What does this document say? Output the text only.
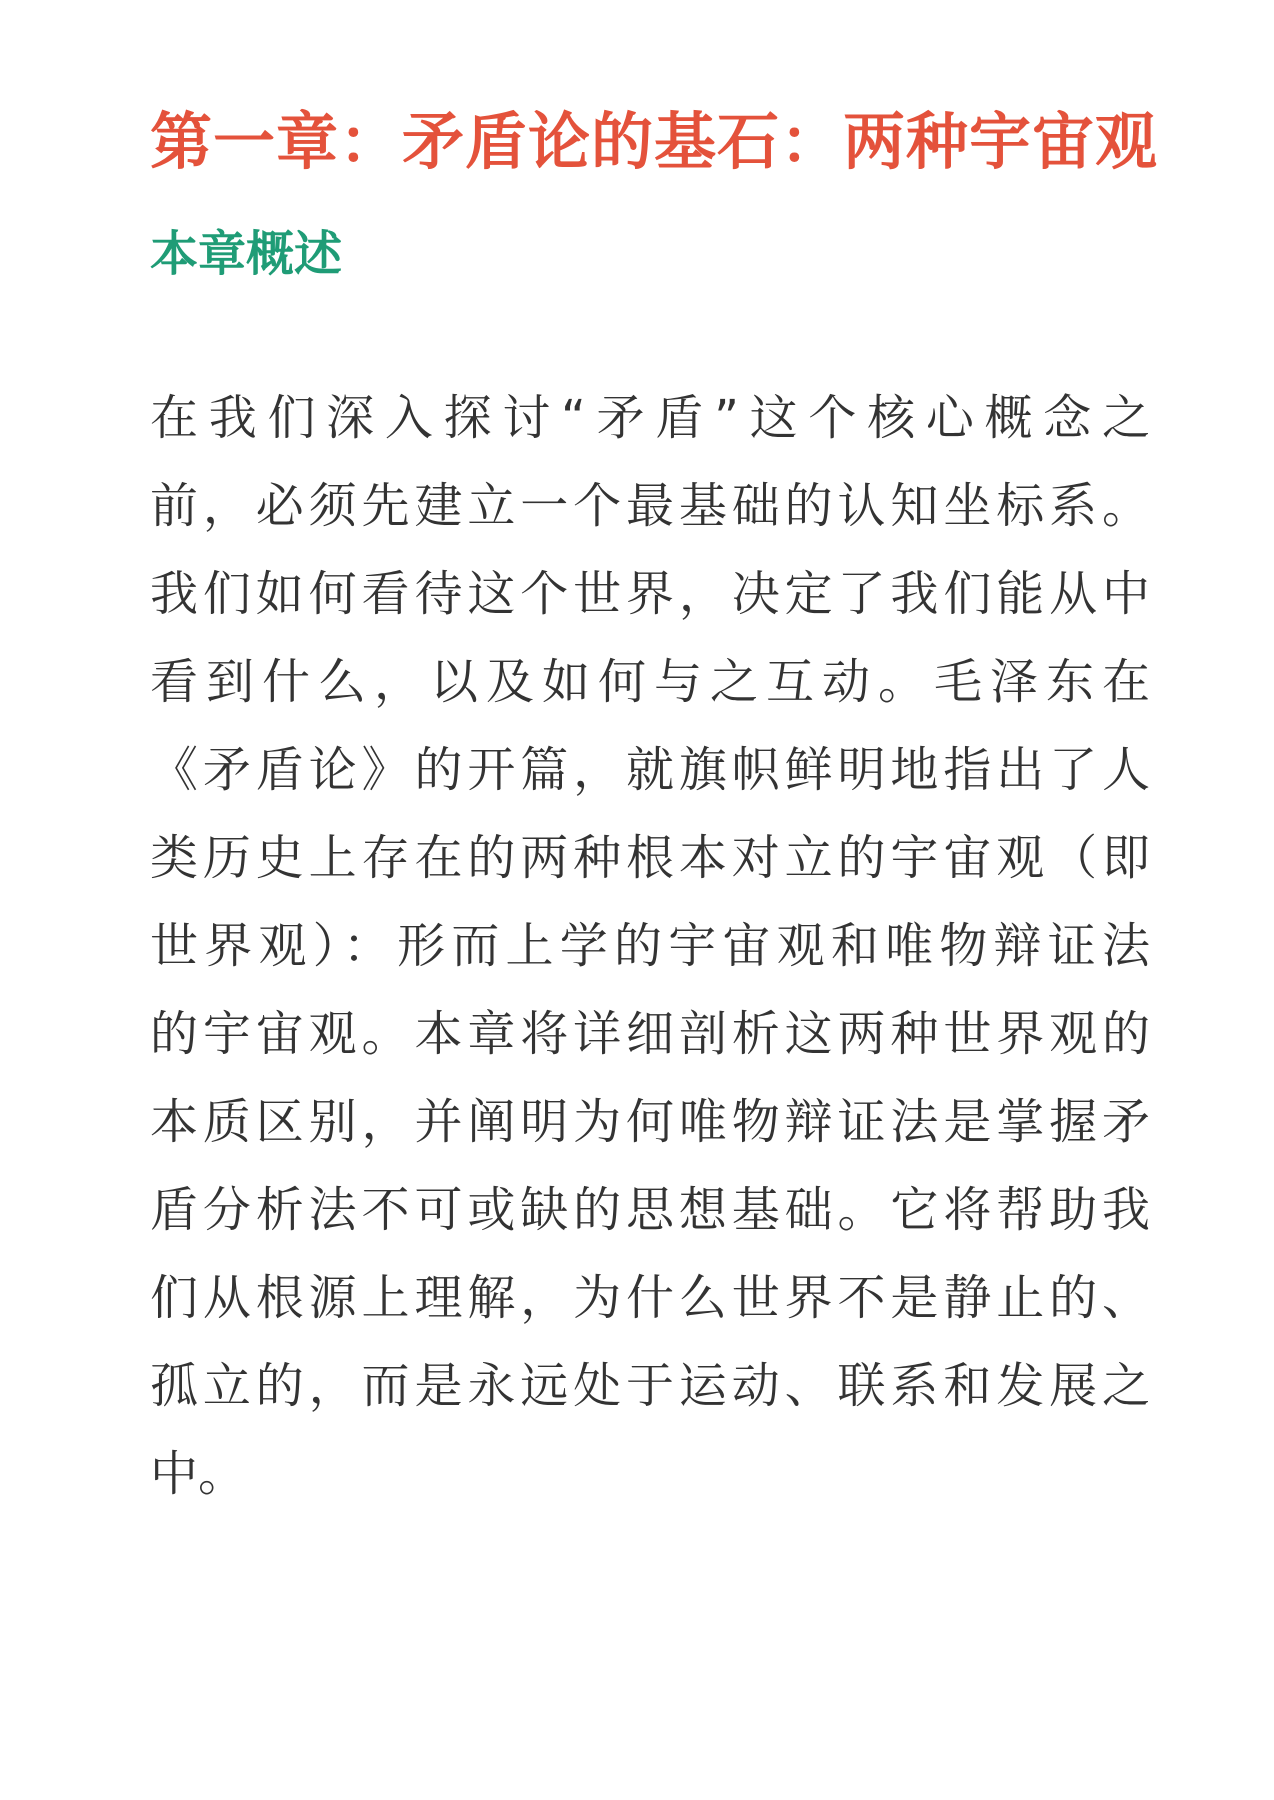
第一章：矛盾论的基石：两种宇宙观
本章概述

在我们深入探讨“矛盾”这个核心概念之
前，必须先建立一个最基础的认知坐标系。
我们如何看待这个世界，决定了我们能从中
看到什么，以及如何与之互动。毛泽东在
《矛盾论》的开篇，就旗帜鲜明地指出了人
类历史上存在的两种根本对立的宇宙观（即
世界观）：形而上学的宇宙观和唯物辩证法
的宇宙观。本章将详细剖析这两种世界观的
本质区别，并阐明为何唯物辩证法是掌握矛
盾分析法不可或缺的思想基础。它将帮助我
们从根源上理解，为什么世界不是静止的、
孤立的，而是永远处于运动、联系和发展之
中。
